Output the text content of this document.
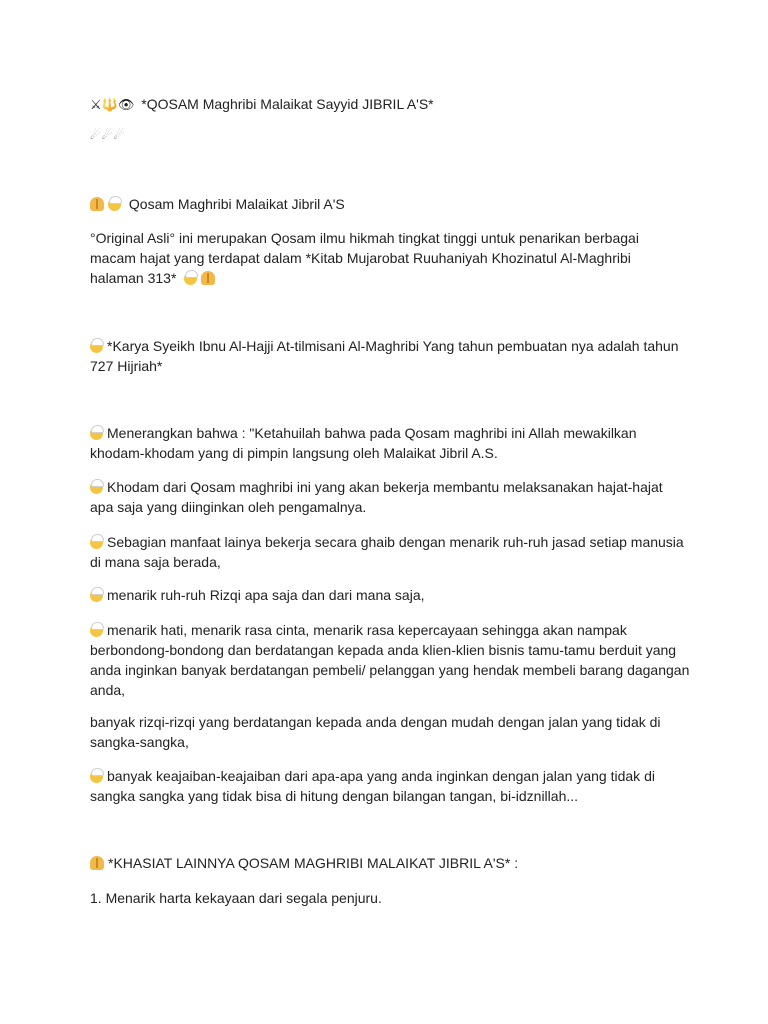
⚔🔱👁 *QOSAM Maghribi Malaikat Sayyid JIBRIL A'S*
☄☄☄
Qosam Maghribi Malaikat Jibril A'S
°Original Asli° ini merupakan Qosam ilmu hikmah tingkat tinggi untuk penarikan berbagai
macam hajat yang terdapat dalam *Kitab Mujarobat Ruuhaniyah Khozinatul Al-Maghribi
halaman 313*
*Karya Syeikh Ibnu Al-Hajji At-tilmisani Al-Maghribi Yang tahun pembuatan nya adalah tahun
727 Hijriah*
Menerangkan bahwa : "Ketahuilah bahwa pada Qosam maghribi ini Allah mewakilkan
khodam-khodam yang di pimpin langsung oleh Malaikat Jibril A.S.
Khodam dari Qosam maghribi ini yang akan bekerja membantu melaksanakan hajat-hajat
apa saja yang diinginkan oleh pengamalnya.
Sebagian manfaat lainya bekerja secara ghaib dengan menarik ruh-ruh jasad setiap manusia
di mana saja berada,
menarik ruh-ruh Rizqi apa saja dan dari mana saja,
menarik hati, menarik rasa cinta, menarik rasa kepercayaan sehingga akan nampak
berbondong-bondong dan berdatangan kepada anda klien-klien bisnis tamu-tamu berduit yang
anda inginkan banyak berdatangan pembeli/ pelanggan yang hendak membeli barang dagangan
anda,
banyak rizqi-rizqi yang berdatangan kepada anda dengan mudah dengan jalan yang tidak di
sangka-sangka,
banyak keajaiban-keajaiban dari apa-apa yang anda inginkan dengan jalan yang tidak di
sangka sangka yang tidak bisa di hitung dengan bilangan tangan, bi-idznillah...
*KHASIAT LAINNYA QOSAM MAGHRIBI MALAIKAT JIBRIL A'S* :
1. Menarik harta kekayaan dari segala penjuru.
